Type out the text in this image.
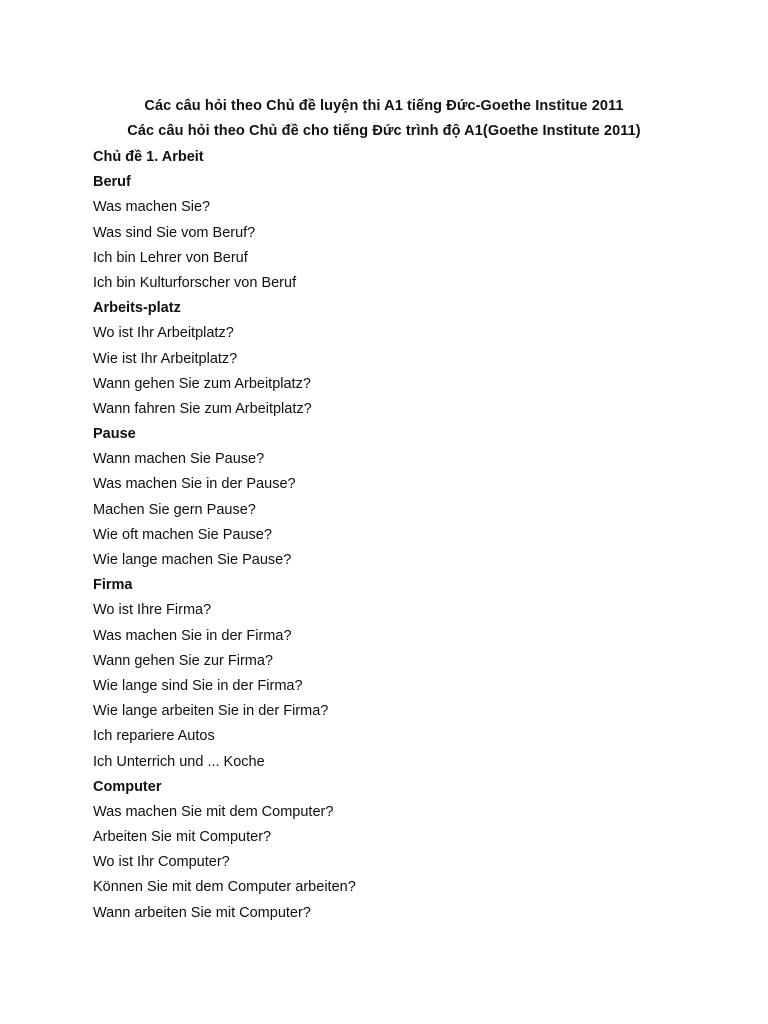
Các câu hỏi theo Chủ đề luyện thi A1 tiếng Đức-Goethe Institue 2011
Các câu hỏi theo Chủ đề cho tiếng Đức trình độ A1(Goethe Institute 2011)
Chủ đề 1. Arbeit
Beruf
Was machen Sie?
Was sind Sie vom Beruf?
Ich bin Lehrer von Beruf
Ich bin Kulturforscher von Beruf
Arbeits-platz
Wo ist Ihr Arbeitplatz?
Wie ist Ihr Arbeitplatz?
Wann gehen Sie zum Arbeitplatz?
Wann fahren Sie zum Arbeitplatz?
Pause
Wann machen Sie Pause?
Was machen Sie in der Pause?
Machen Sie gern Pause?
Wie oft machen Sie Pause?
Wie lange machen Sie Pause?
Firma
Wo ist Ihre Firma?
Was machen Sie in der Firma?
Wann gehen Sie zur Firma?
Wie lange sind Sie in der Firma?
Wie lange arbeiten Sie in der Firma?
Ich repariere Autos
Ich Unterrich und ... Koche
Computer
Was machen Sie mit dem Computer?
Arbeiten Sie mit Computer?
Wo ist Ihr Computer?
Können Sie mit dem Computer arbeiten?
Wann arbeiten Sie mit Computer?
